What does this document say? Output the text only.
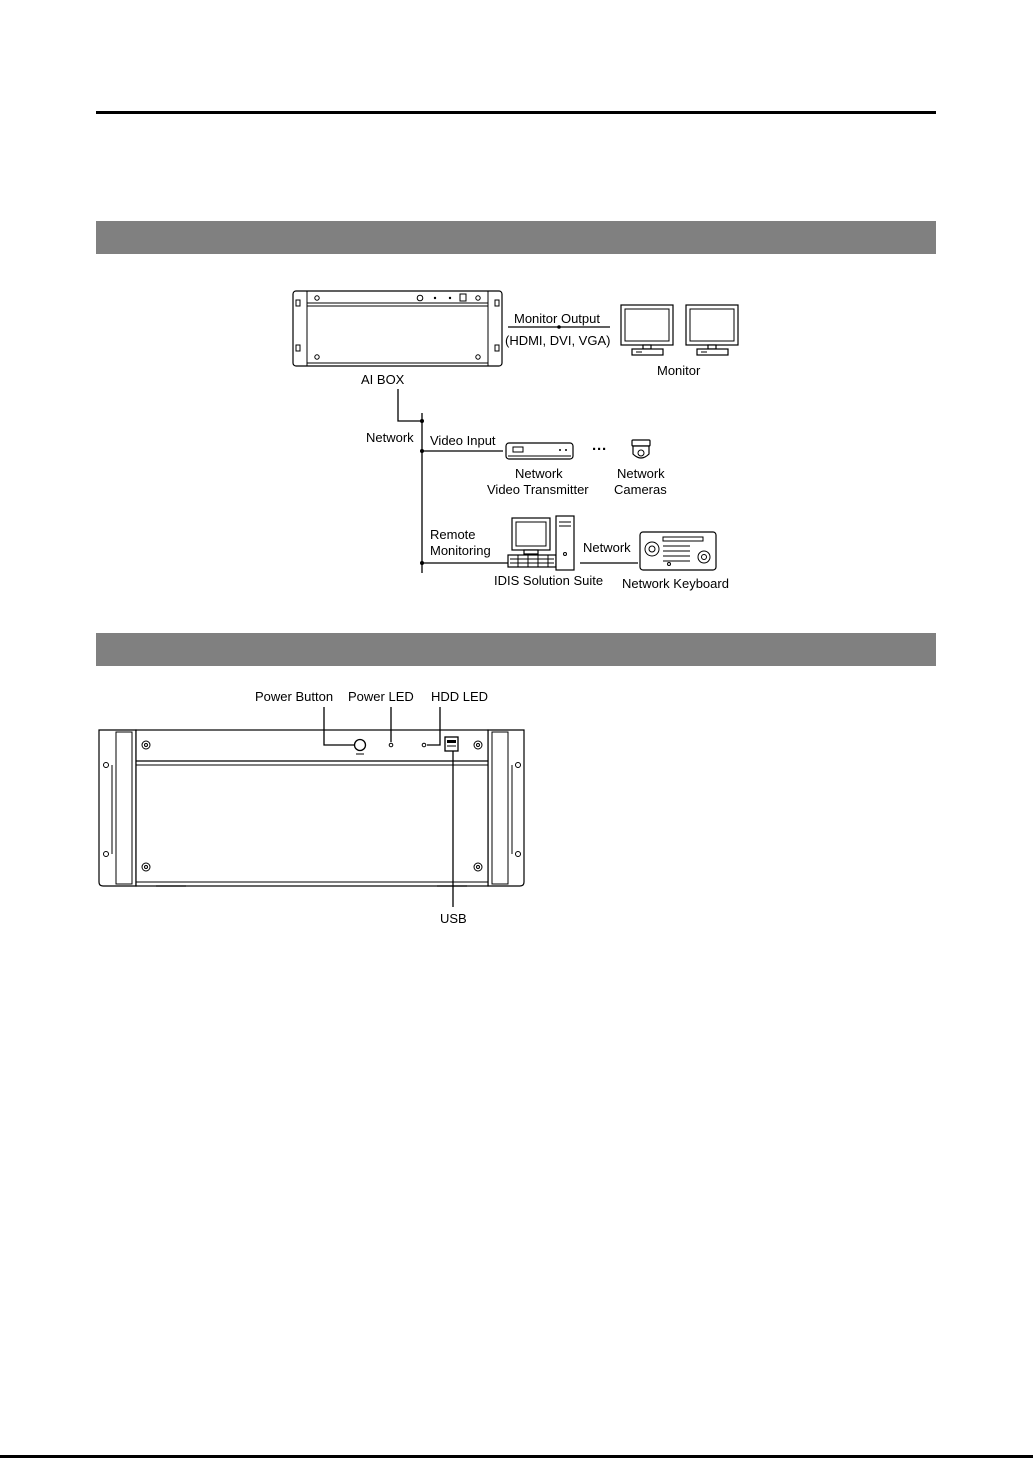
AI BOX
Monitor Output
(HDMI, DVI, VGA)
Monitor
Network Video Input
···
Network
Video Transmitter
Network
Cameras
Remote
Monitoring
IDIS Solution Suite
Network
Network Keyboard
Power Button Power LED HDD LED
USB
